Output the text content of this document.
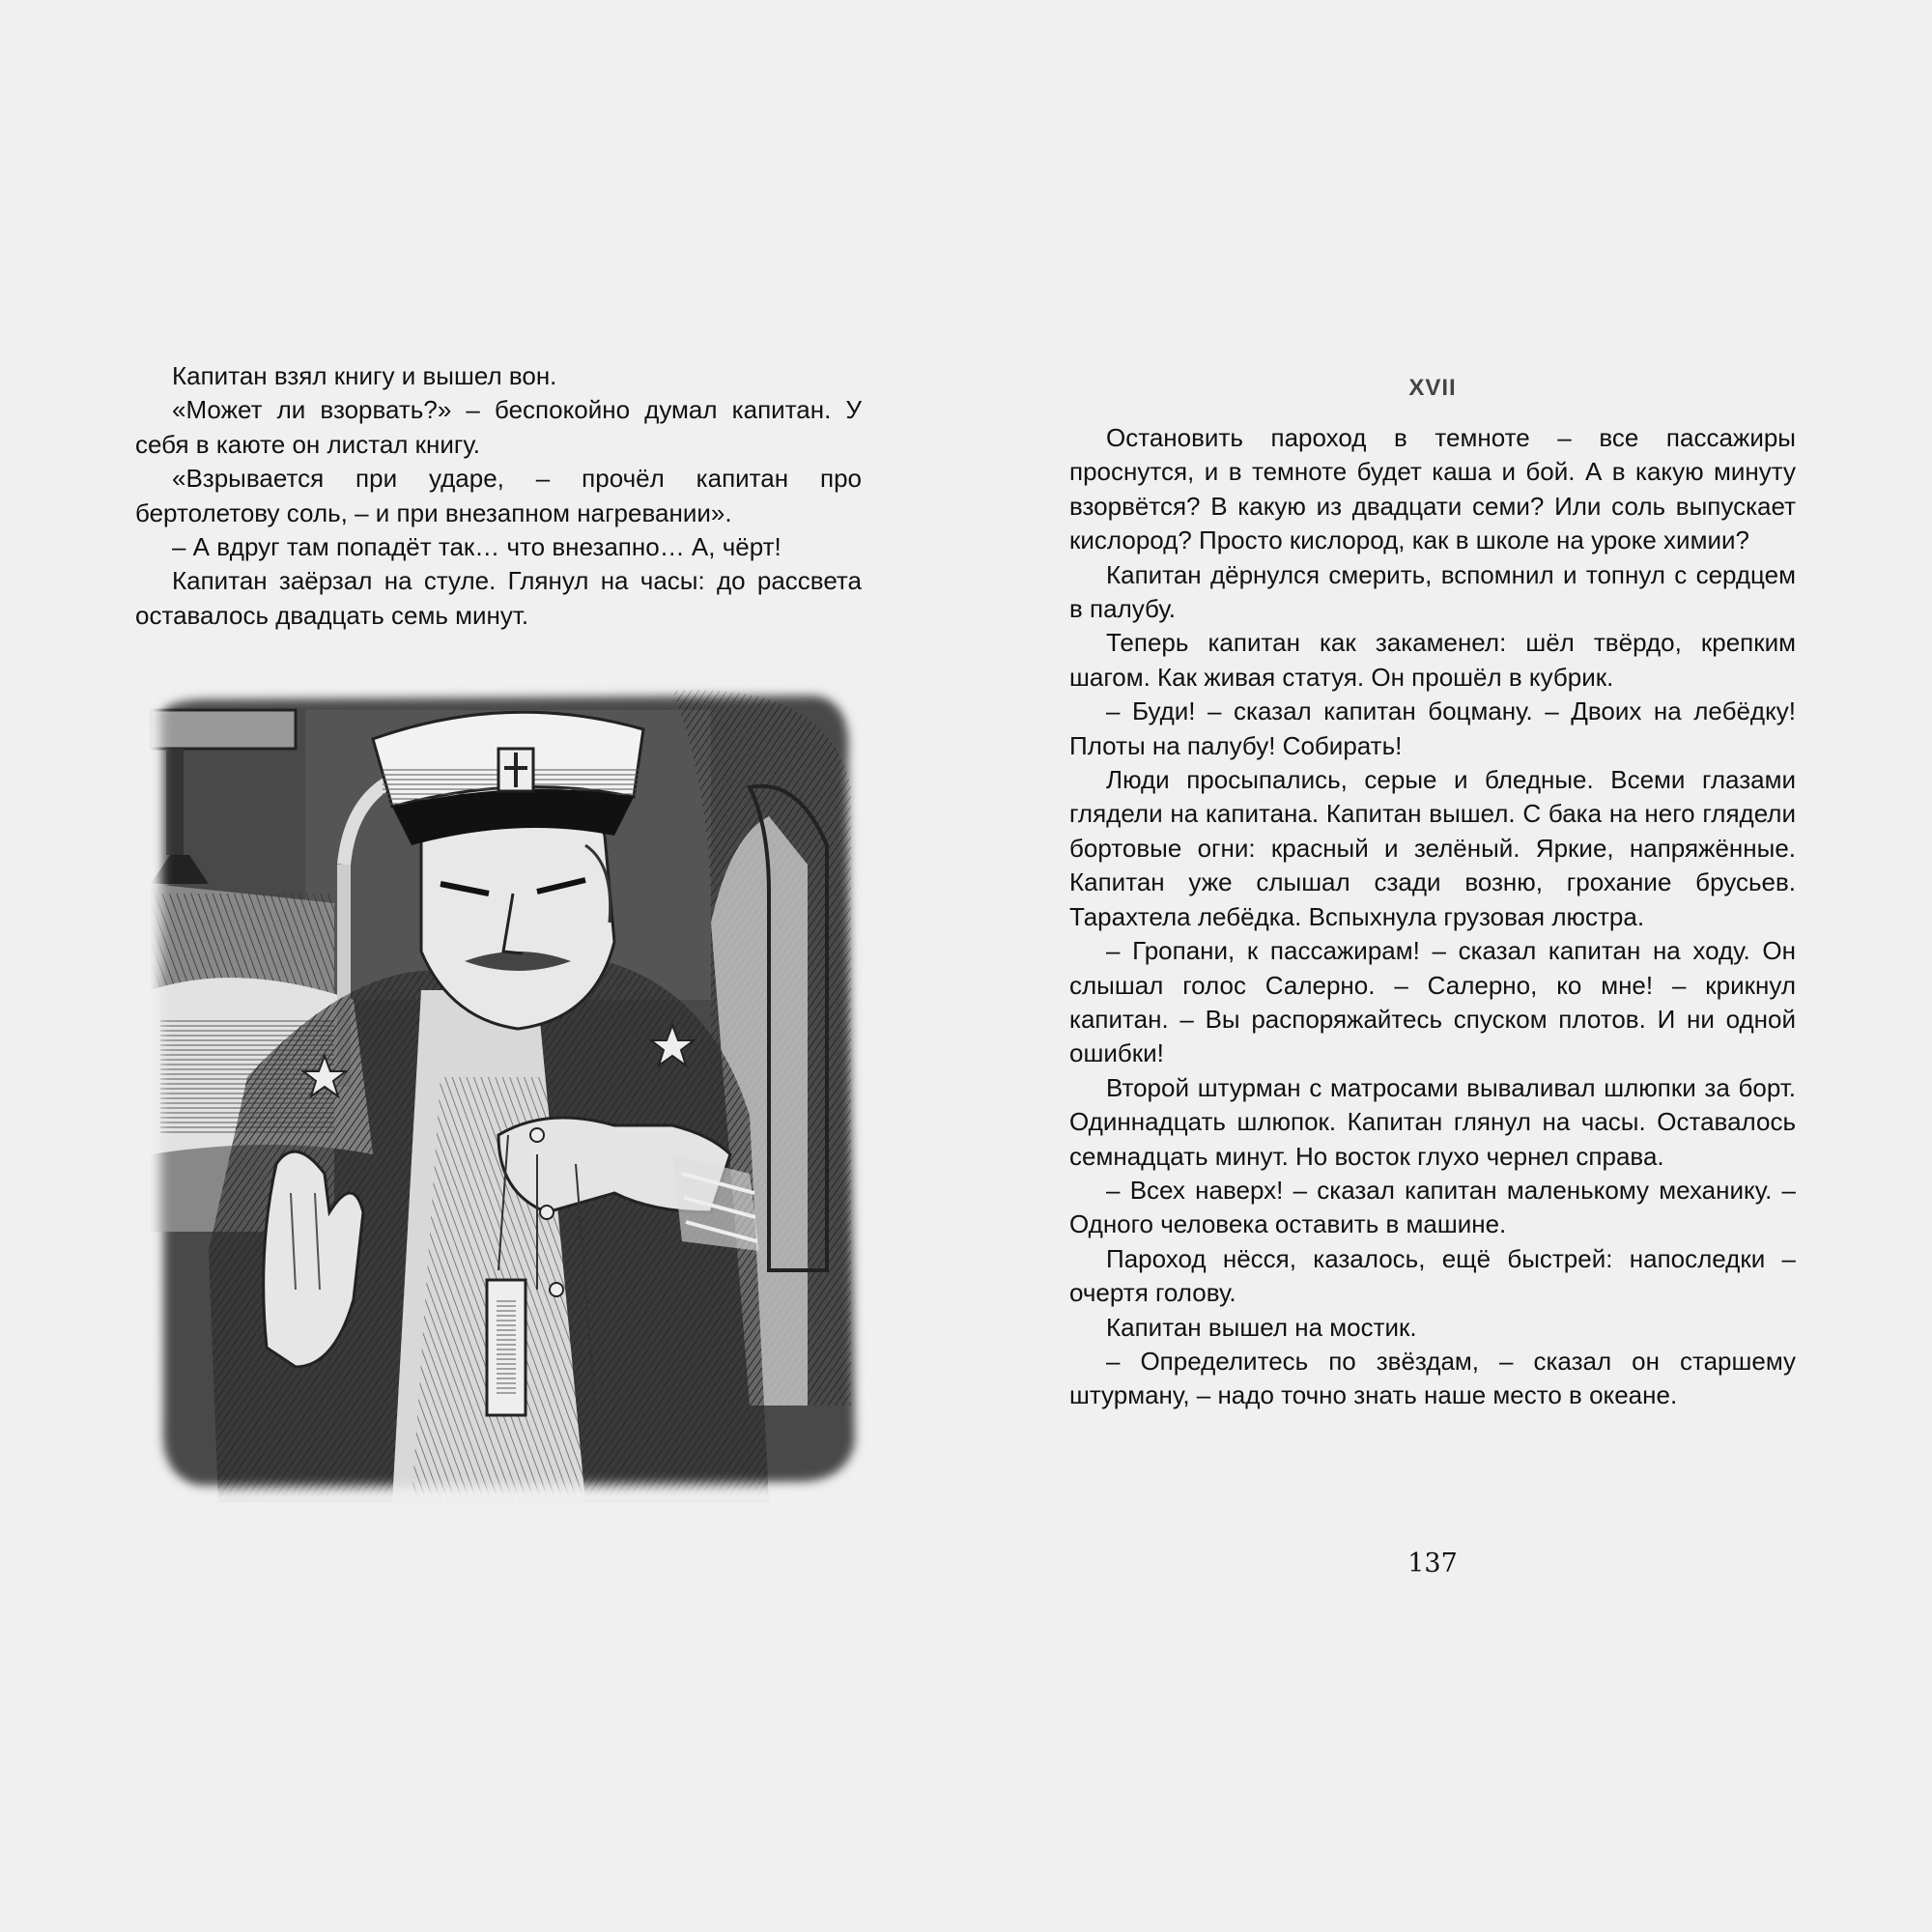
Капитан взял книгу и вышел вон.

«Может ли взорвать?» – беспокойно думал капитан. У себя в каюте он листал книгу.

«Взрывается при ударе, – прочёл капитан про бертолетову соль, – и при внезапном нагревании».

– А вдруг там попадёт так… что внезапно… А, чёрт!

Капитан заёрзал на стуле. Глянул на часы: до рассвета оставалось двадцать семь минут.

XVII

Остановить пароход в темноте – все пассажиры проснутся, и в темноте будет каша и бой. А в какую минуту взорвётся? В какую из двадцати семи? Или соль выпускает кислород? Просто кислород, как в школе на уроке химии?

Капитан дёрнулся смерить, вспомнил и топнул с сердцем в палубу.

Теперь капитан как закаменел: шёл твёрдо, крепким шагом. Как живая статуя. Он прошёл в кубрик.

– Буди! – сказал капитан боцману. – Двоих на лебёдку! Плоты на палубу! Собирать!

Люди просыпались, серые и бледные. Всеми глазами глядели на капитана. Капитан вышел. С бака на него глядели бортовые огни: красный и зелёный. Яркие, напряжённые. Капитан уже слышал сзади возню, грохание брусьев. Тарахтела лебёдка. Вспыхнула грузовая люстра.

– Гропани, к пассажирам! – сказал капитан на ходу. Он слышал голос Салерно. – Салерно, ко мне! – крикнул капитан. – Вы распоряжайтесь спуском плотов. И ни одной ошибки!

Второй штурман с матросами вываливал шлюпки за борт. Одиннадцать шлюпок. Капитан глянул на часы. Оставалось семнадцать минут. Но восток глухо чернел справа.

– Всех наверх! – сказал капитан маленькому механику. – Одного человека оставить в машине.

Пароход нёсся, казалось, ещё быстрей: напоследки – очертя голову.

Капитан вышел на мостик.

– Определитесь по звёздам, – сказал он старшему штурману, – надо точно знать наше место в океане.

137
